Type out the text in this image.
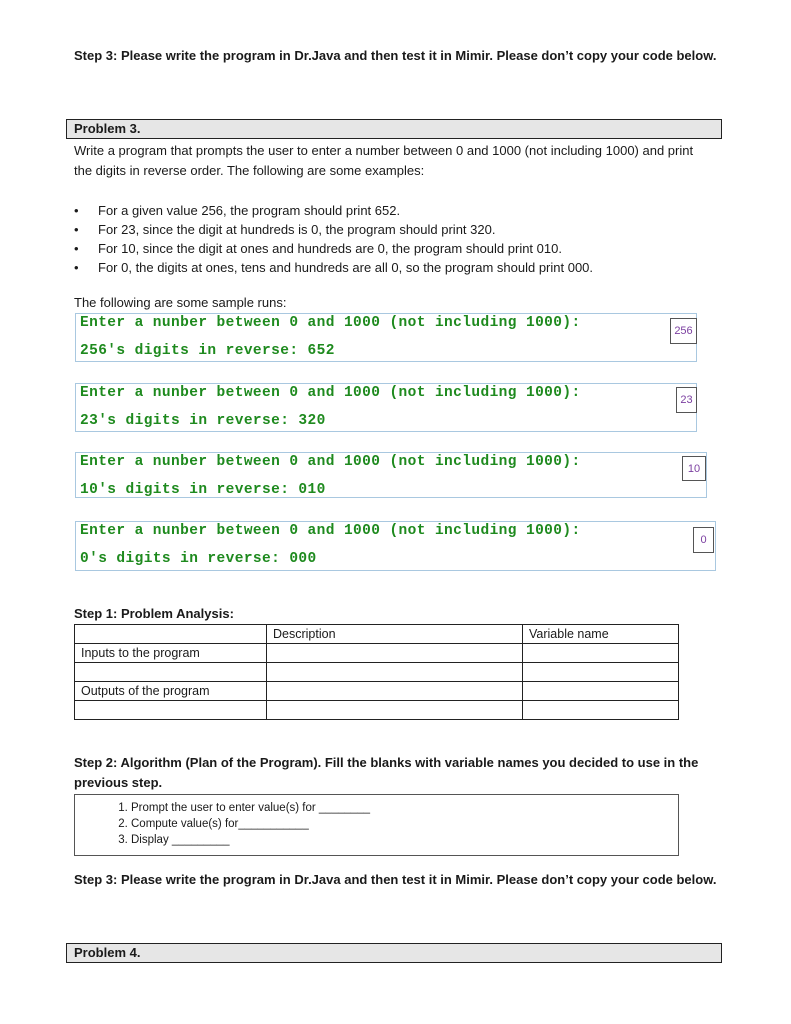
Step 3: Please write the program in Dr.Java and then test it in Mimir. Please don’t copy your code below.
Problem 3.
Write a program that prompts the user to enter a number between 0 and 1000 (not including 1000) and print the digits in reverse order. The following are some examples:
• For a given value 256, the program should print 652.
• For 23, since the digit at hundreds is 0, the program should print 320.
• For 10, since the digit at ones and hundreds are 0, the program should print 010.
• For 0, the digits at ones, tens and hundreds are all 0, so the program should print 000.
The following are some sample runs:
Enter a nunber between 0 and 1000 (not including 1000):	256
256's digits in reverse: 652
Enter a nunber between 0 and 1000 (not including 1000):	23
23's digits in reverse: 320
Enter a nunber between 0 and 1000 (not including 1000):	10
10's digits in reverse: 010
Enter a nunber between 0 and 1000 (not including 1000):
0
0's digits in reverse: 000
Step 1: Problem Analysis:
	Description	Variable name
Inputs to the program		

Outputs of the program		

Step 2: Algorithm (Plan of the Program). Fill the blanks with variable names you decided to use in the previous step.
1. Prompt the user to enter value(s) for ________
2. Compute value(s) for___________
3. Display _________
Step 3: Please write the program in Dr.Java and then test it in Mimir. Please don’t copy your code below.
Problem 4.
